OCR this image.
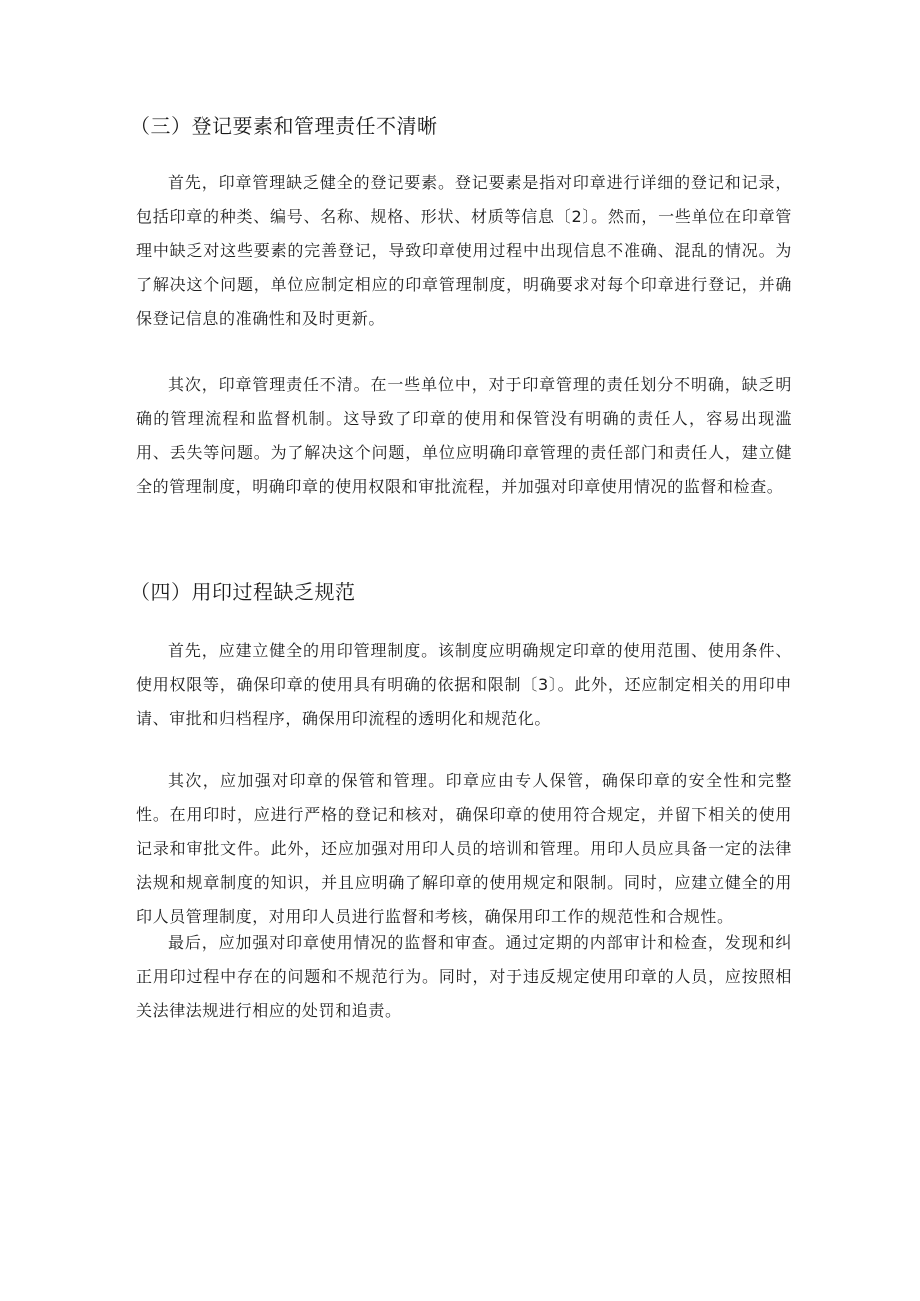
（三）登记要素和管理责任不清晰
首先，印章管理缺乏健全的登记要素。登记要素是指对印章进行详细的登记和记录，包括印章的种类、编号、名称、规格、形状、材质等信息〔2〕。然而，一些单位在印章管理中缺乏对这些要素的完善登记，导致印章使用过程中出现信息不准确、混乱的情况。为了解决这个问题，单位应制定相应的印章管理制度，明确要求对每个印章进行登记，并确保登记信息的准确性和及时更新。
其次，印章管理责任不清。在一些单位中，对于印章管理的责任划分不明确，缺乏明确的管理流程和监督机制。这导致了印章的使用和保管没有明确的责任人，容易出现滥用、丢失等问题。为了解决这个问题，单位应明确印章管理的责任部门和责任人，建立健全的管理制度，明确印章的使用权限和审批流程，并加强对印章使用情况的监督和检查。
（四）用印过程缺乏规范
首先，应建立健全的用印管理制度。该制度应明确规定印章的使用范围、使用条件、使用权限等，确保印章的使用具有明确的依据和限制〔3〕。此外，还应制定相关的用印申请、审批和归档程序，确保用印流程的透明化和规范化。
其次，应加强对印章的保管和管理。印章应由专人保管，确保印章的安全性和完整性。在用印时，应进行严格的登记和核对，确保印章的使用符合规定，并留下相关的使用记录和审批文件。此外，还应加强对用印人员的培训和管理。用印人员应具备一定的法律法规和规章制度的知识，并且应明确了解印章的使用规定和限制。同时，应建立健全的用印人员管理制度，对用印人员进行监督和考核，确保用印工作的规范性和合规性。
最后，应加强对印章使用情况的监督和审查。通过定期的内部审计和检查，发现和纠正用印过程中存在的问题和不规范行为。同时，对于违反规定使用印章的人员，应按照相关法律法规进行相应的处罚和追责。
